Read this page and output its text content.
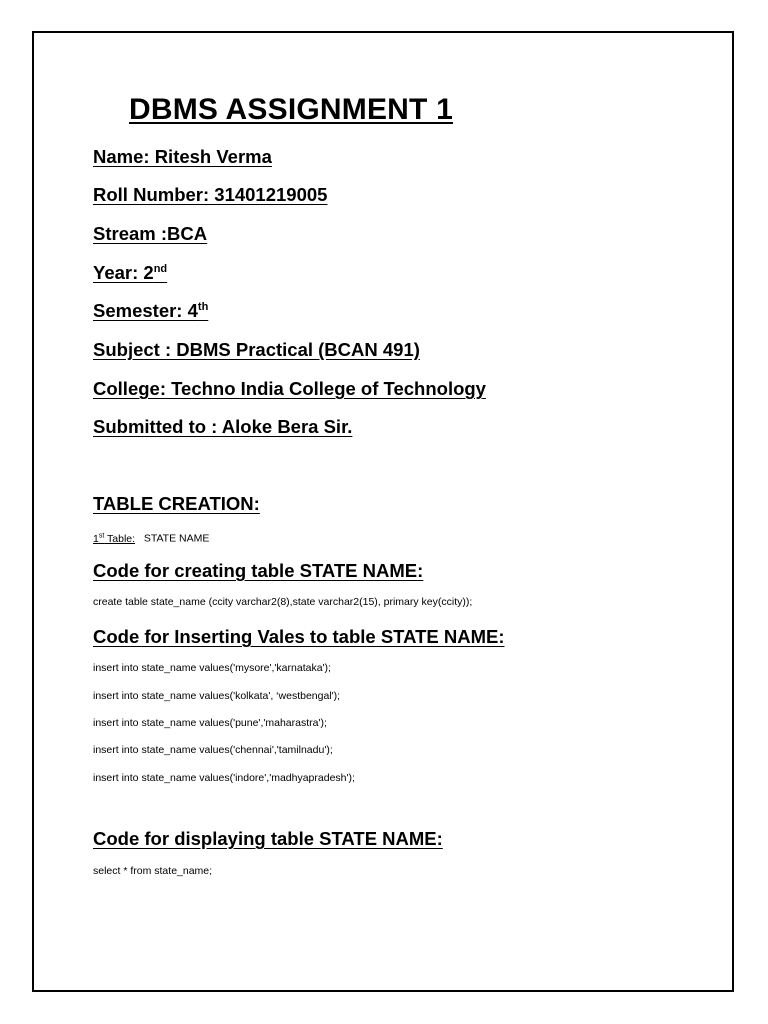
DBMS ASSIGNMENT 1
Name: Ritesh Verma
Roll Number: 31401219005
Stream :BCA
Year: 2nd
Semester: 4th
Subject : DBMS Practical (BCAN 491)
College: Techno India College of Technology
Submitted to : Aloke Bera Sir.
TABLE CREATION:
1st Table: STATE NAME
Code for creating table STATE NAME:
create table state_name (ccity varchar2(8),state varchar2(15), primary key(ccity));
Code for Inserting Vales to table STATE NAME:
insert into state_name values('mysore','karnataka');
insert into state_name values('kolkata', ‘westbengal');
insert into state_name values('pune','maharastra');
insert into state_name values('chennai','tamilnadu');
insert into state_name values('indore','madhyapradesh');
Code for displaying table STATE NAME:
select * from state_name;
